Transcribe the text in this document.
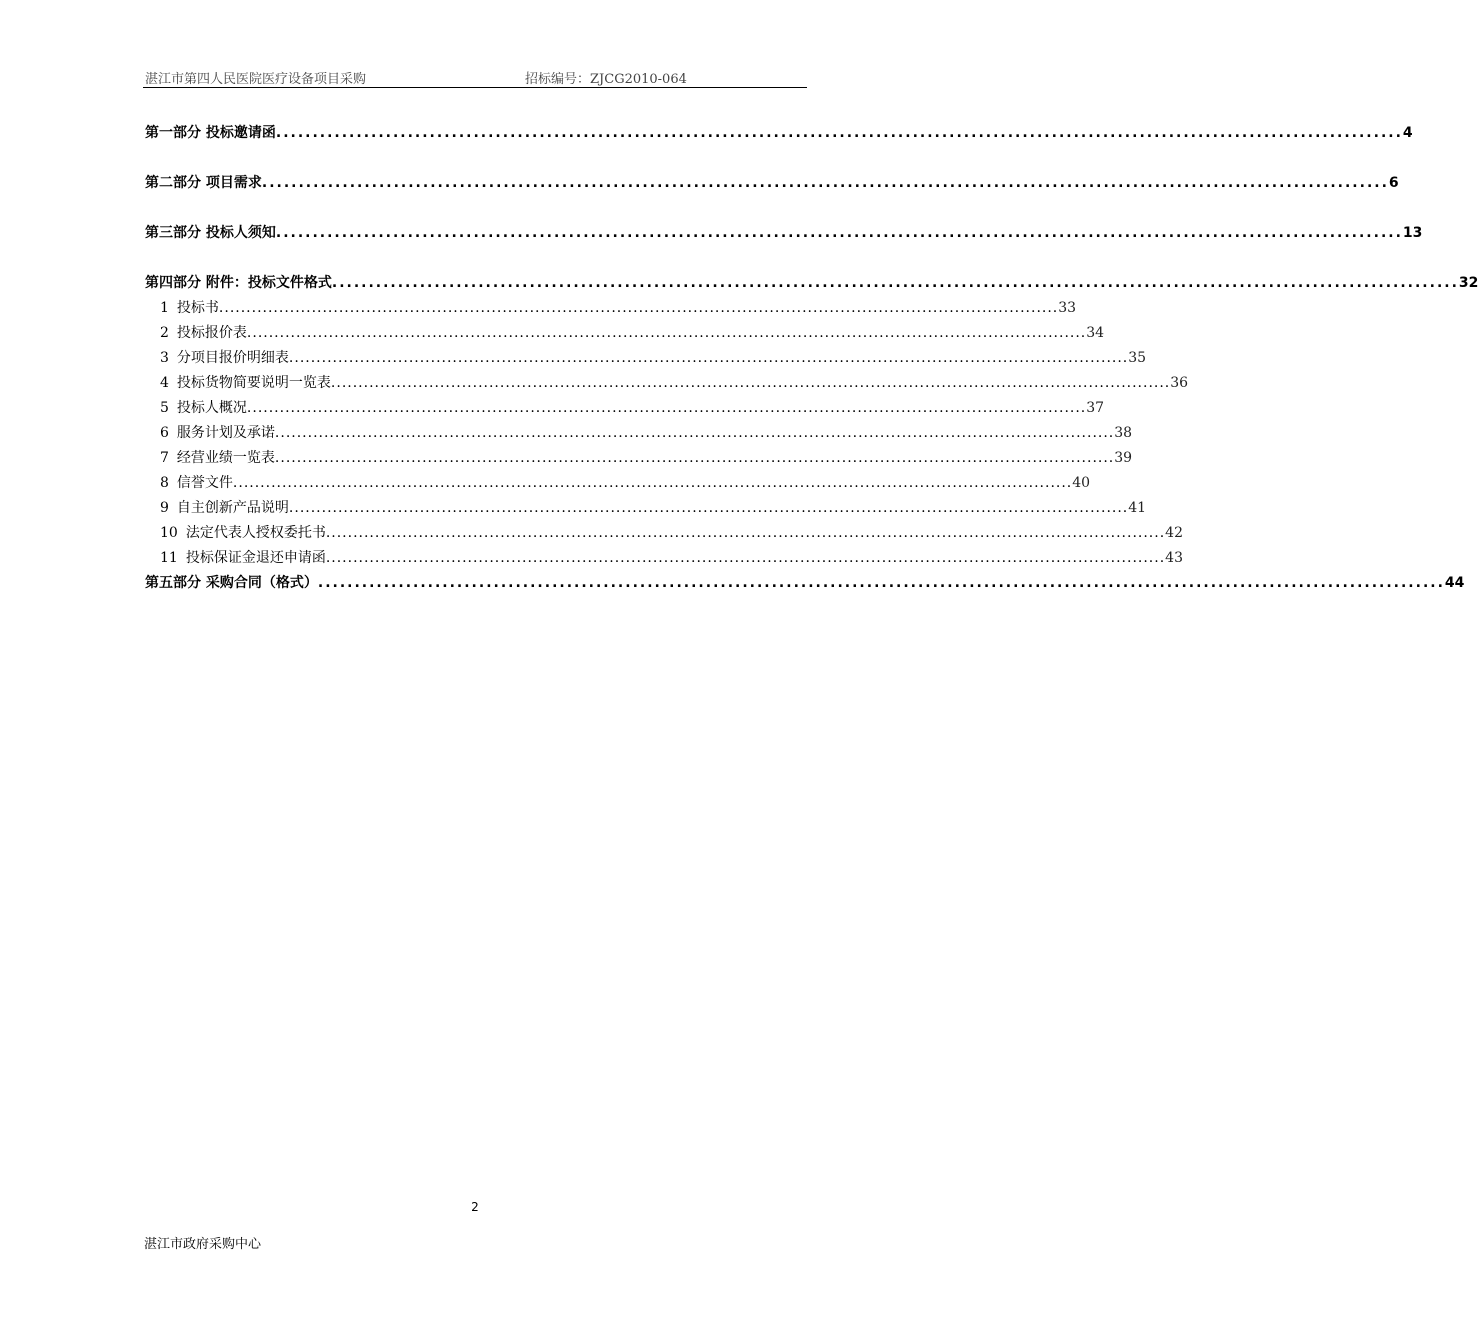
湛江市第四人民医院医疗设备项目采购	招标编号：ZJCG2010-064
第一部分 投标邀请函 .......................................................................................................................................................... 4
第二部分 项目需求 .......................................................................................................................................................... 6
第三部分 投标人须知 .......................................................................................................................................................... 13
第四部分 附件：投标文件格式 .......................................................................................................................................................... 32
1 投标书 .......................................................................................................................................................... 33
2 投标报价表 .......................................................................................................................................................... 34
3 分项目报价明细表 .......................................................................................................................................................... 35
4 投标货物简要说明一览表 .......................................................................................................................................................... 36
5 投标人概况 .......................................................................................................................................................... 37
6 服务计划及承诺 .......................................................................................................................................................... 38
7 经营业绩一览表 .......................................................................................................................................................... 39
8 信誉文件 .......................................................................................................................................................... 40
9 自主创新产品说明 .......................................................................................................................................................... 41
10 法定代表人授权委托书 .......................................................................................................................................................... 42
11 投标保证金退还申请函 .......................................................................................................................................................... 43
第五部分 采购合同（格式） .......................................................................................................................................................... 44
2
湛江市政府采购中心
